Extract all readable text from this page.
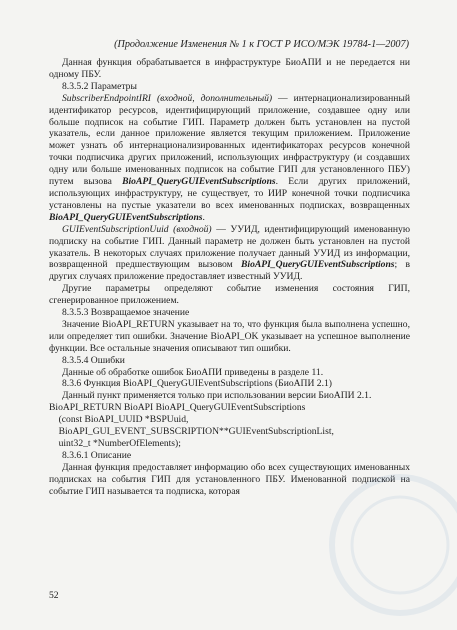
(Продолжение Изменения № 1 к ГОСТ Р ИСО/МЭК 19784-1—2007)

Данная функция обрабатывается в инфраструктуре БиоАПИ и не передается ни одному ПБУ.

8.3.5.2 Параметры

SubscriberEndpointIRI (входной, дополнительный) — интернационализированный идентификатор ресурсов, идентифицирующий приложение, создавшее одну или больше подписок на событие ГИП. Параметр должен быть установлен на пустой указатель, если данное приложение является текущим приложением. Приложение может узнать об интернационализированных идентификаторах ресурсов конечной точки подписчика других приложений, использующих инфраструктуру (и создавших одну или больше именованных подписок на событие ГИП для установленного ПБУ) путем вызова BioAPI_QueryGUIEventSubscriptions. Если других приложений, использующих инфраструктуру, не существует, то ИИР конечной точки подписчика установлены на пустые указатели во всех именованных подписках, возвращенных BioAPI_QueryGUIEventSubscriptions.

GUIEventSubscriptionUuid (входной) — УУИД, идентифицирующий именованную подписку на событие ГИП. Данный параметр не должен быть установлен на пустой указатель. В некоторых случаях приложение получает данный УУИД из информации, возвращенной предшествующим вызовом BioAPI_QueryGUIEventSubscriptions; в других случаях приложение предоставляет известный УУИД.

Другие параметры определяют событие изменения состояния ГИП, сгенерированное приложением.

8.3.5.3 Возвращаемое значение

Значение BioAPI_RETURN указывает на то, что функция была выполнена успешно, или определяет тип ошибки. Значение BioAPI_OK указывает на успешное выполнение функции. Все остальные значения описывают тип ошибки.

8.3.5.4 Ошибки

Данные об обработке ошибок БиоАПИ приведены в разделе 11.

8.3.6 Функция BioAPI_QueryGUIEventSubscriptions (БиоАПИ 2.1)

Данный пункт применяется только при использовании версии БиоАПИ 2.1.

BioAPI_RETURN BioAPI BioAPI_QueryGUIEventSubscriptions

(const BioAPI_UUID *BSPUuid,

BioAPI_GUI_EVENT_SUBSCRIPTION**GUIEventSubscriptionList,

uint32_t *NumberOfElements);

8.3.6.1 Описание

Данная функция предоставляет информацию обо всех существующих именованных подписках на события ГИП для установленного ПБУ. Именованной подпиской на событие ГИП называется та подписка, которая

52
